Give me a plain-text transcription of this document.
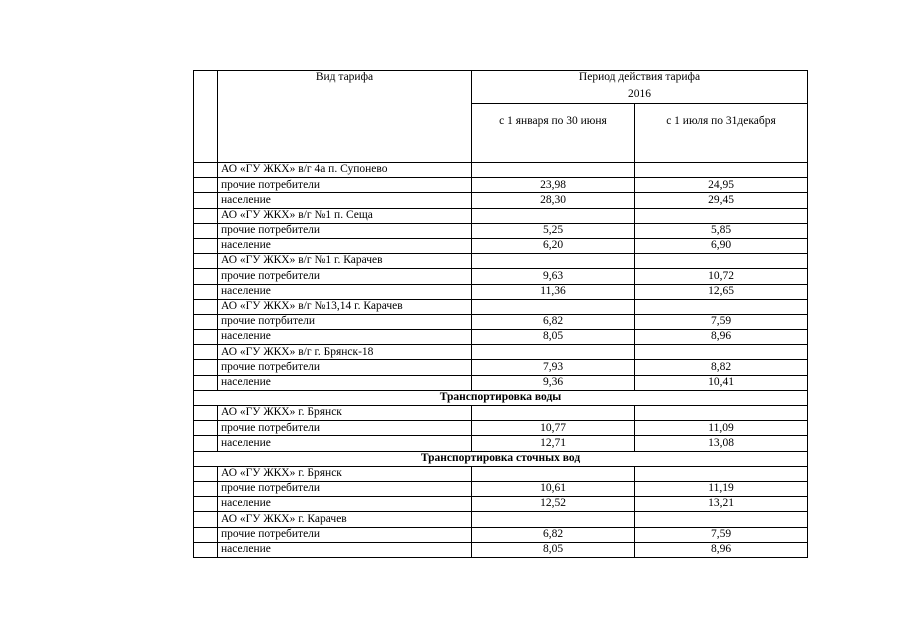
	Вид тарифа	Период действия тарифа	
		2016	
		с 1 января по 30 июня	с 1 июля по 31декабря
	АО «ГУ ЖКХ» в/г 4а п. Супонево		
	прочие потребители	23,98	24,95
	население	28,30	29,45
	АО «ГУ ЖКХ» в/г №1 п. Сеща		
	прочие потребители	5,25	5,85
	население	6,20	6,90
	АО «ГУ ЖКХ» в/г №1 г. Карачев		
	прочие потребители	9,63	10,72
	население	11,36	12,65
	АО «ГУ ЖКХ» в/г №13,14 г. Карачев		
	прочие потрбители	6,82	7,59
	население	8,05	8,96
	АО «ГУ ЖКХ» в/г г. Брянск-18		
	прочие потребители	7,93	8,82
	население	9,36	10,41
Транспортировка воды			
	АО «ГУ ЖКХ» г. Брянск		
	прочие потребители	10,77	11,09
	население	12,71	13,08
Транспортировка сточных вод			
	АО «ГУ ЖКХ» г. Брянск		
	прочие потребители	10,61	11,19
	население	12,52	13,21
	АО «ГУ ЖКХ» г. Карачев		
	прочие потребители	6,82	7,59
	население	8,05	8,96
